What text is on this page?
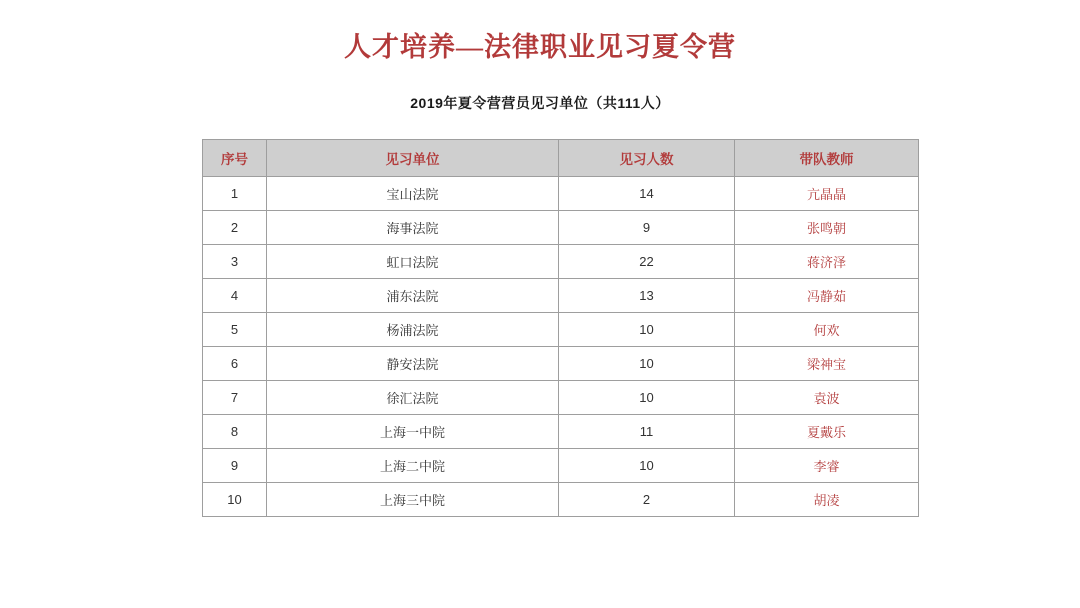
人才培养—法律职业见习夏令营
2019年夏令营营员见习单位（共111人）
序号	见习单位	见习人数	带队教师
1	宝山法院	14	亢晶晶
2	海事法院	9	张鸣朝
3	虹口法院	22	蒋济泽
4	浦东法院	13	冯静茹
5	杨浦法院	10	何欢
6	静安法院	10	梁神宝
7	徐汇法院	10	袁波
8	上海一中院	11	夏戴乐
9	上海二中院	10	李睿
10	上海三中院	2	胡凌
